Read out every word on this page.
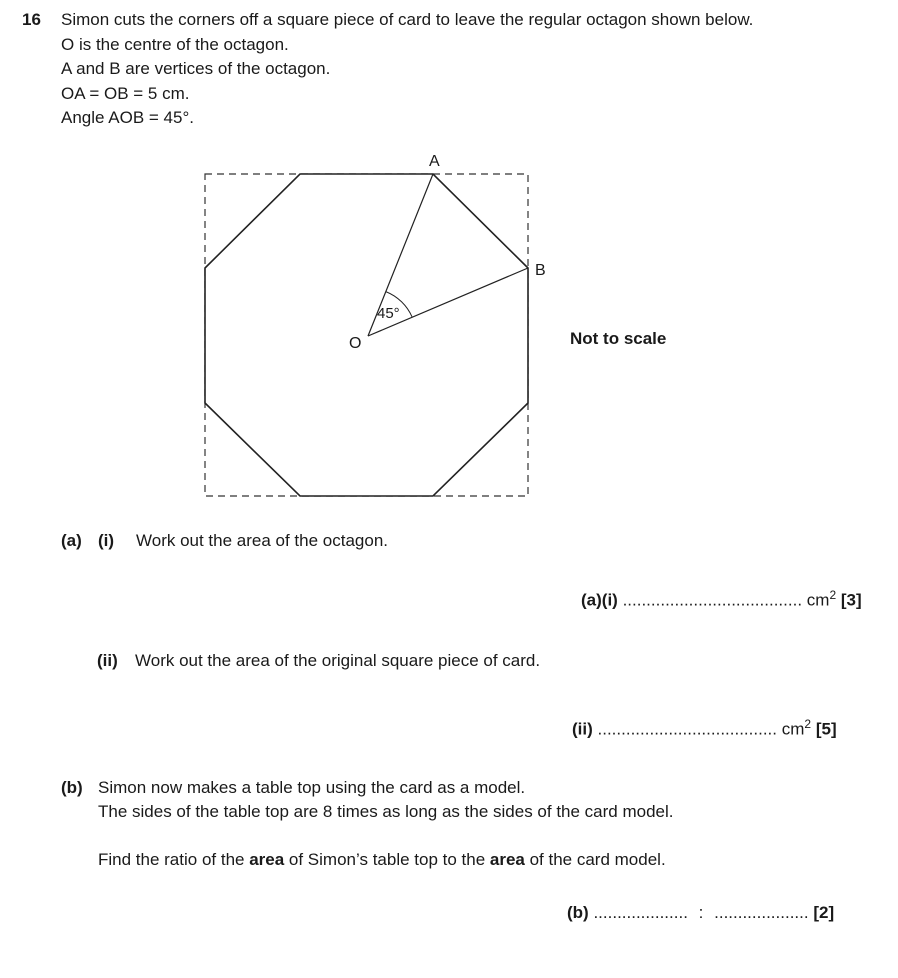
16 Simon cuts the corners off a square piece of card to leave the regular octagon shown below.
O is the centre of the octagon.
A and B are vertices of the octagon.
OA = OB = 5 cm.
Angle AOB = 45°.
A
B
O
45°
Not to scale
(a) (i) Work out the area of the octagon.
(a)(i) ...................................... $cm^2$ [3]
(ii) Work out the area of the original square piece of card.
(ii) ...................................... $cm^2$ [5]
(b) Simon now makes a table top using the card as a model.
The sides of the table top are 8 times as long as the sides of the card model.
Find the ratio of the area of Simon’s table top to the area of the card model.
(b) .................... : .................... [2]
